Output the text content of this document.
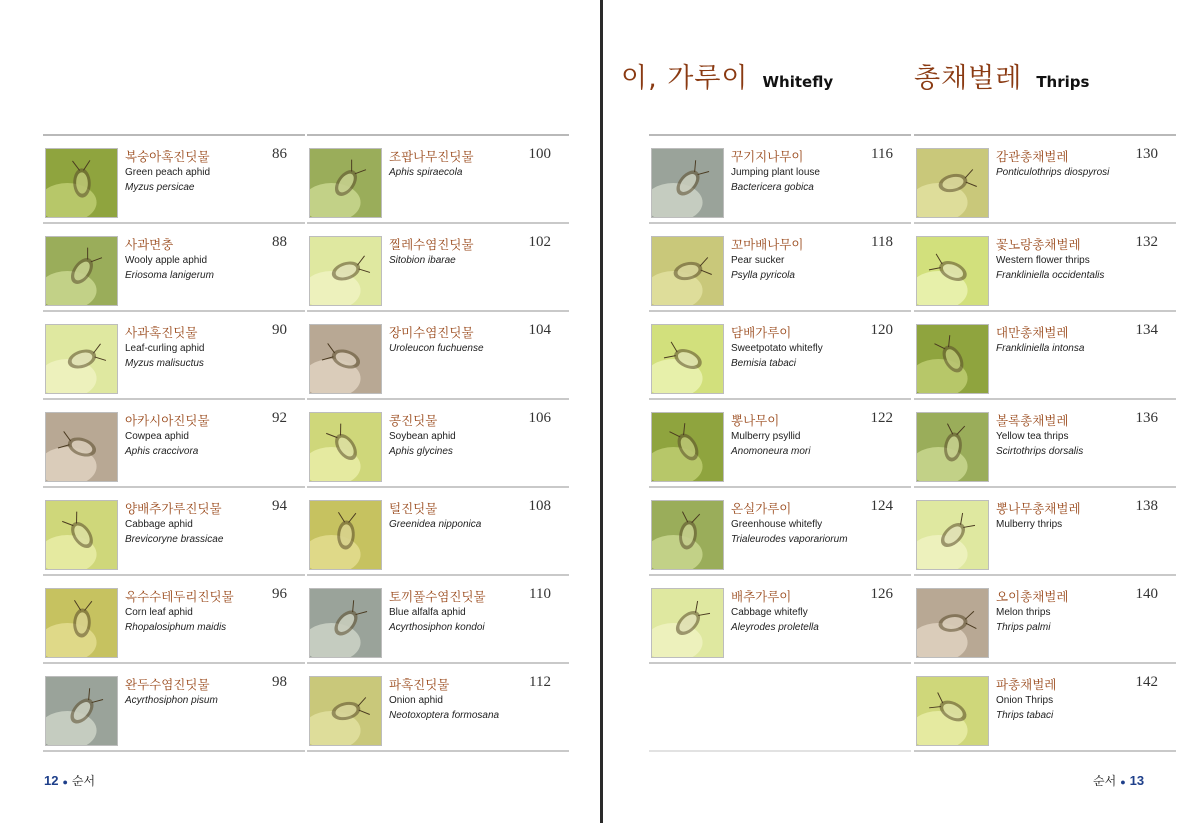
복숭아혹진딧물
Green peach aphid
Myzus persicae
86
사과면충
Wooly apple aphid
Eriosoma lanigerum
88
사과혹진딧물
Leaf-curling aphid
Myzus malisuctus
90
아카시아진딧물
Cowpea aphid
Aphis craccivora
92
양배추가루진딧물
Cabbage aphid
Brevicoryne brassicae
94
옥수수테두리진딧물
Corn leaf aphid
Rhopalosiphum maidis
96
완두수염진딧물
Acyrthosiphon pisum
98
조팝나무진딧물
Aphis spiraecola
100
찔레수염진딧물
Sitobion ibarae
102
장미수염진딧물
Uroleucon fuchuense
104
콩진딧물
Soybean aphid
Aphis glycines
106
털진딧물
Greenidea nipponica
108
토끼풀수염진딧물
Blue alfalfa aphid
Acyrthosiphon kondoi
110
파혹진딧물
Onion aphid
Neotoxoptera formosana
112
12 ● 순서
이, 가루이 Whitefly	총채벌레 Thrips
꾸기지나무이
Jumping plant louse
Bactericera gobica
116
꼬마배나무이
Pear sucker
Psylla pyricola
118
담배가루이
Sweetpotato whitefly
Bemisia tabaci
120
뽕나무이
Mulberry psyllid
Anomoneura mori
122
온실가루이
Greenhouse whitefly
Trialeurodes vaporariorum
124
배추가루이
Cabbage whitefly
Aleyrodes proletella
126
감관총채벌레
Ponticulothrips diospyrosi
130
꽃노랑총채벌레
Western flower thrips
Frankliniella occidentalis
132
대만총채벌레
Frankliniella intonsa
134
볼록총채벌레
Yellow tea thrips
Scirtothrips dorsalis
136
뽕나무총채벌레
Mulberry thrips
138
오이총채벌레
Melon thrips
Thrips palmi
140
파총채벌레
Onion Thrips
Thrips tabaci
142
순서 ● 13
